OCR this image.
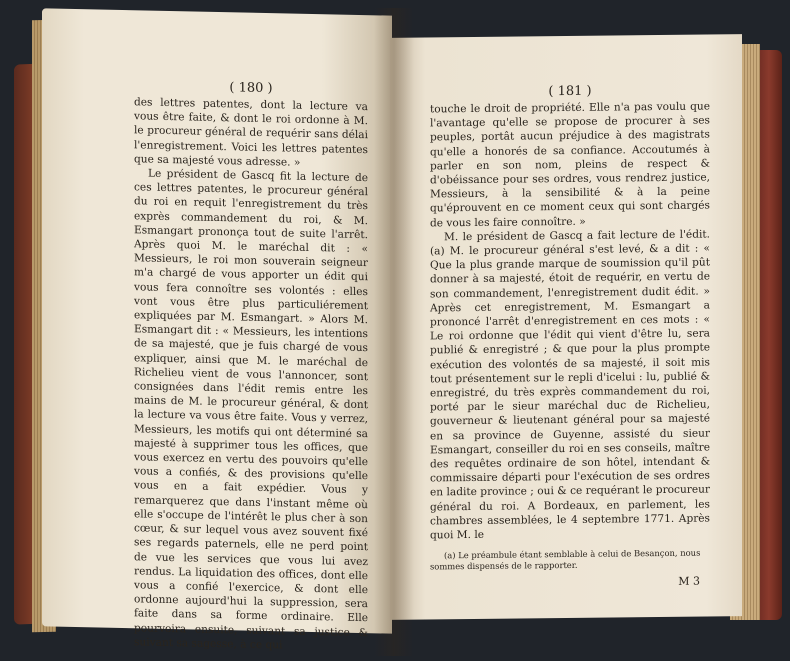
( 180 )

des lettres patentes, dont la lecture va vous être faite, & dont le roi ordonne à M. le procureur général de requérir sans délai l'enregistrement. Voici les lettres patentes que sa majesté vous adresse. »

Le président de Gascq fit la lecture de ces lettres patentes, le procureur général du roi en requit l'enregistrement du très exprès commandement du roi, & M. Esmangart prononça tout de suite l'arrêt. Après quoi M. le maréchal dit : « Messieurs, le roi mon souverain seigneur m'a chargé de vous apporter un édit qui vous fera connoître ses volontés : elles vont vous être plus particuliérement expliquées par M. Esmangart. » Alors M. Esmangart dit : « Messieurs, les intentions de sa majesté, que je fuis chargé de vous expliquer, ainsi que M. le maréchal de Richelieu vient de vous l'annoncer, sont consignées dans l'édit remis entre les mains de M. le procureur général, & dont la lecture va vous être faite. Vous y verrez, Messieurs, les motifs qui ont déterminé sa majesté à supprimer tous les offices, que vous exercez en vertu des pouvoirs qu'elle vous a confiés, & des provisions qu'elle vous en a fait expédier. Vous y remarquerez que dans l'instant même où elle s'occupe de l'intérêt le plus cher à son cœur, & sur lequel vous avez souvent fixé ses regards paternels, elle ne perd point de vue les services que vous lui avez rendus. La liquidation des offices, dont elle vous a confié l'exercice, & dont elle ordonne aujourd'hui la suppression, sera faite dans sa forme ordinaire. Elle pourvoira ensuite, suivant sa justice & suivant sa sagesse, à ce qui

( 181 )

touche le droit de propriété. Elle n'a pas voulu que l'avantage qu'elle se propose de procurer à ses peuples, portât aucun préjudice à des magistrats qu'elle a honorés de sa confiance. Accoutumés à parler en son nom, pleins de respect & d'obéissance pour ses ordres, vous rendrez justice, Messieurs, à la sensibilité & à la peine qu'éprouvent en ce moment ceux qui sont chargés de vous les faire connoître. »

M. le président de Gascq a fait lecture de l'édit. (a) M. le procureur général s'est levé, & a dit : « Que la plus grande marque de soumission qu'il pût donner à sa majesté, étoit de requérir, en vertu de son commandement, l'enregistrement dudit édit. » Après cet enregistrement, M. Esmangart a prononcé l'arrêt d'enregistrement en ces mots : « Le roi ordonne que l'édit qui vient d'être lu, sera publié & enregistré ; & que pour la plus prompte exécution des volontés de sa majesté, il soit mis tout présentement sur le repli d'icelui : lu, publié & enregistré, du très exprès commandement du roi, porté par le sieur maréchal duc de Richelieu, gouverneur & lieutenant général pour sa majesté en sa province de Guyenne, assisté du sieur Esmangart, conseiller du roi en ses conseils, maître des requêtes ordinaire de son hôtel, intendant & commissaire départi pour l'exécution de ses ordres en ladite province ; oui & ce requérant le procureur général du roi. A Bordeaux, en parlement, les chambres assemblées, le 4 septembre 1771. Après quoi M. le

(a) Le préambule étant semblable à celui de Besançon, nous sommes dispensés de le rapporter.
M 3
